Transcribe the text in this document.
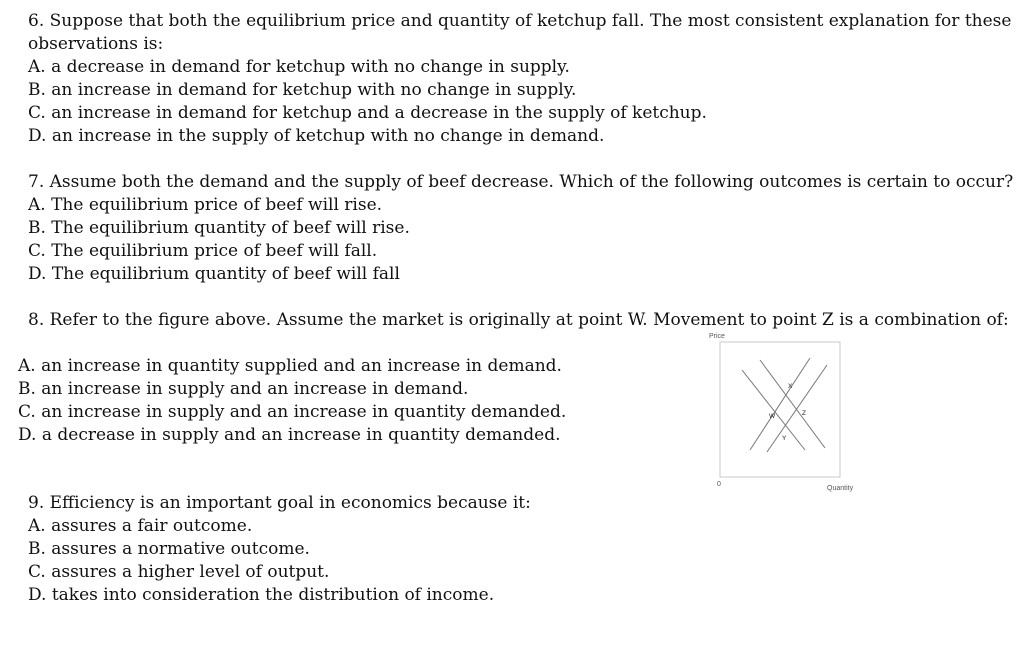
6. Suppose that both the equilibrium price and quantity of ketchup fall. The most consistent explanation for these

observations is:

A. a decrease in demand for ketchup with no change in supply.

B. an increase in demand for ketchup with no change in supply.

C. an increase in demand for ketchup and a decrease in the supply of ketchup.

D. an increase in the supply of ketchup with no change in demand.

7. Assume both the demand and the supply of beef decrease. Which of the following outcomes is certain to occur?

A. The equilibrium price of beef will rise.

B. The equilibrium quantity of beef will rise.

C. The equilibrium price of beef will fall.

D. The equilibrium quantity of beef will fall

8. Refer to the figure above. Assume the market is originally at point W. Movement to point Z is a combination of:

A. an increase in quantity supplied and an increase in demand.

B. an increase in supply and an increase in demand.

C. an increase in supply and an increase in quantity demanded.

D. a decrease in supply and an increase in quantity demanded.

Price
0
Quantity
X
W	Z
Y

9. Efficiency is an important goal in economics because it:

A. assures a fair outcome.

B. assures a normative outcome.

C. assures a higher level of output.

D. takes into consideration the distribution of income.
